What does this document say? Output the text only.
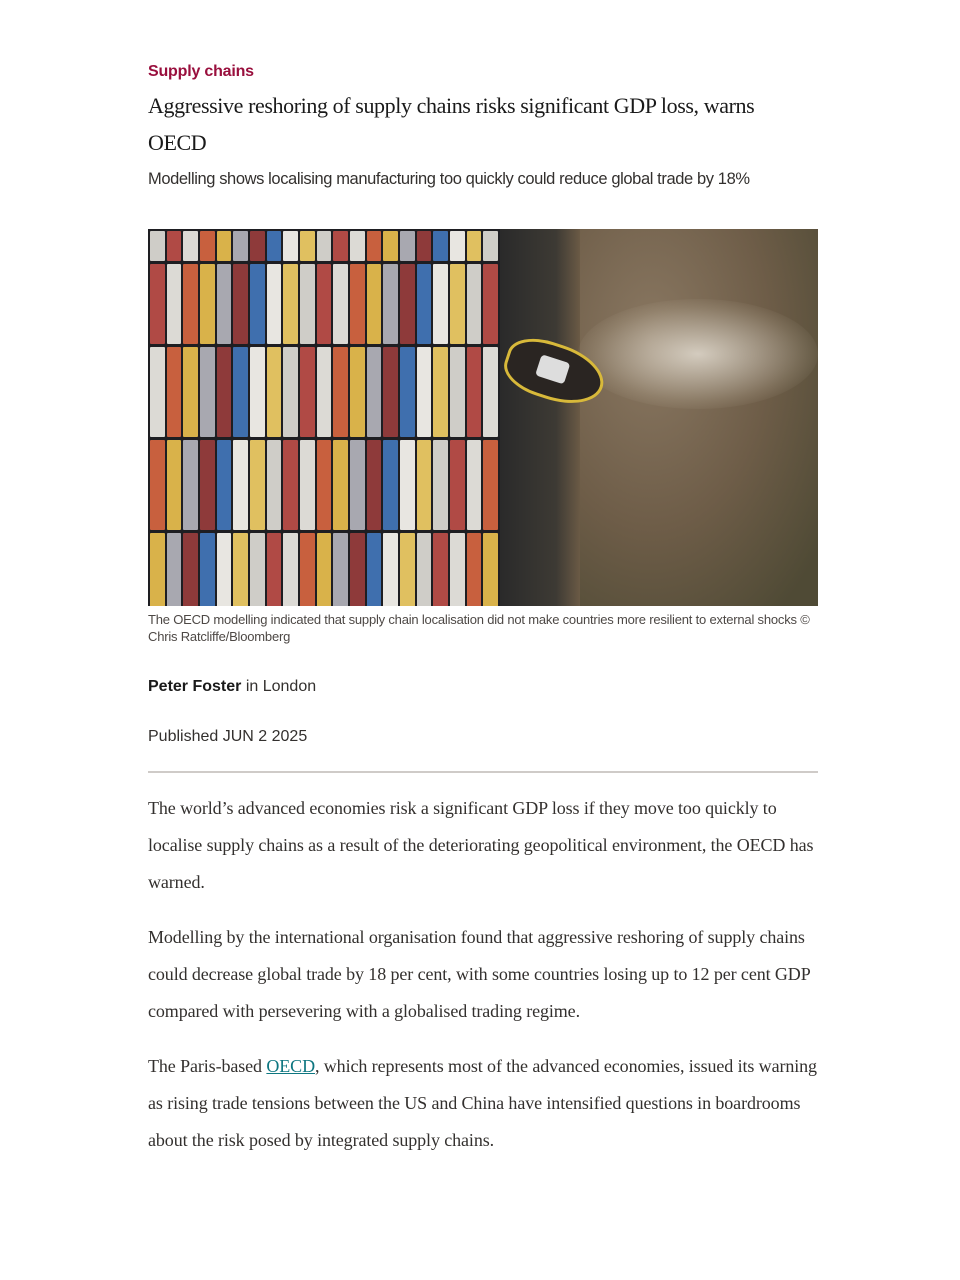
Supply chains
Aggressive reshoring of supply chains risks significant GDP loss, warns OECD
Modelling shows localising manufacturing too quickly could reduce global trade by 18%
The OECD modelling indicated that supply chain localisation did not make countries more resilient to external shocks © Chris Ratcliffe/Bloomberg
Peter Foster in London
Published JUN 2 2025

The world’s advanced economies risk a significant GDP loss if they move too quickly to localise supply chains as a result of the deteriorating geopolitical environment, the OECD has warned.

Modelling by the international organisation found that aggressive reshoring of supply chains could decrease global trade by 18 per cent, with some countries losing up to 12 per cent GDP compared with persevering with a globalised trading regime.

The Paris-based OECD, which represents most of the advanced economies, issued its warning as rising trade tensions between the US and China have intensified questions in boardrooms about the risk posed by integrated supply chains.
